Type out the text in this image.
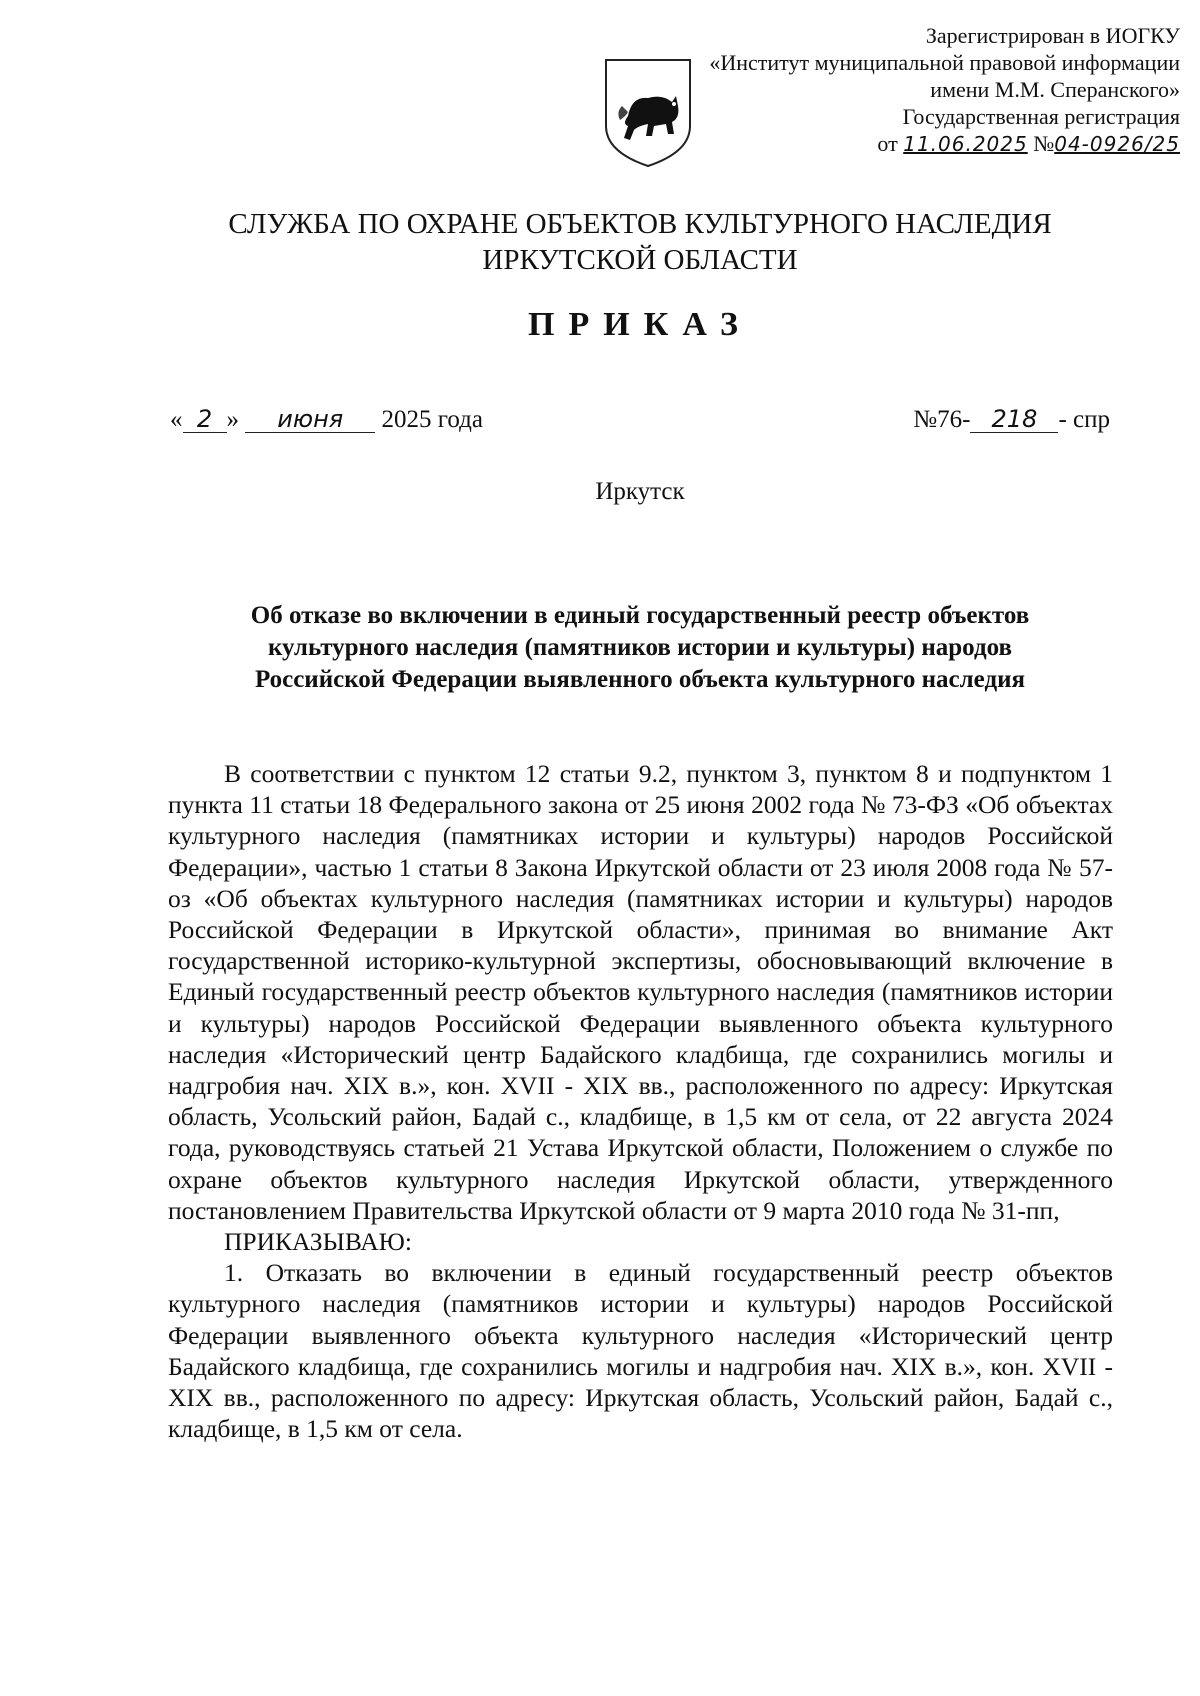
Зарегистрирован в ИОГКУ
«Институт муниципальной правовой информации
имени М.М. Сперанского»
Государственная регистрация
от 11.06.2025 №04-0926/25
СЛУЖБА ПО ОХРАНЕ ОБЪЕКТОВ КУЛЬТУРНОГО НАСЛЕДИЯ
ИРКУТСКОЙ ОБЛАСТИ
ПРИКАЗ
« 2 » июня 2025 года	№76- 218 - спр
Иркутск
Об отказе во включении в единый государственный реестр объектов
культурного наследия (памятников истории и культуры) народов
Российской Федерации выявленного объекта культурного наследия

В соответствии с пунктом 12 статьи 9.2, пунктом 3, пунктом 8 и подпунктом 1 пункта 11 статьи 18 Федерального закона от 25 июня 2002 года № 73-ФЗ «Об объектах культурного наследия (памятниках истории и культуры) народов Российской Федерации», частью 1 статьи 8 Закона Иркутской области от 23 июля 2008 года № 57-оз «Об объектах культурного наследия (памятниках истории и культуры) народов Российской Федерации в Иркутской области», принимая во внимание Акт государственной историко-культурной экспертизы, обосновывающий включение в Единый государственный реестр объектов культурного наследия (памятников истории и культуры) народов Российской Федерации выявленного объекта культурного наследия «Исторический центр Бадайского кладбища, где сохранились могилы и надгробия нач. XIX в.», кон. XVII - XIX вв., расположенного по адресу: Иркутская область, Усольский район, Бадай с., кладбище, в 1,5 км от села, от 22 августа 2024 года, руководствуясь статьей 21 Устава Иркутской области, Положением о службе по охране объектов культурного наследия Иркутской области, утвержденного постановлением Правительства Иркутской области от 9 марта 2010 года № 31-пп,

ПРИКАЗЫВАЮ:

1. Отказать во включении в единый государственный реестр объектов культурного наследия (памятников истории и культуры) народов Российской Федерации выявленного объекта культурного наследия «Исторический центр Бадайского кладбища, где сохранились могилы и надгробия нач. XIX в.», кон. XVII - XIX вв., расположенного по адресу: Иркутская область, Усольский район, Бадай с., кладбище, в 1,5 км от села.
